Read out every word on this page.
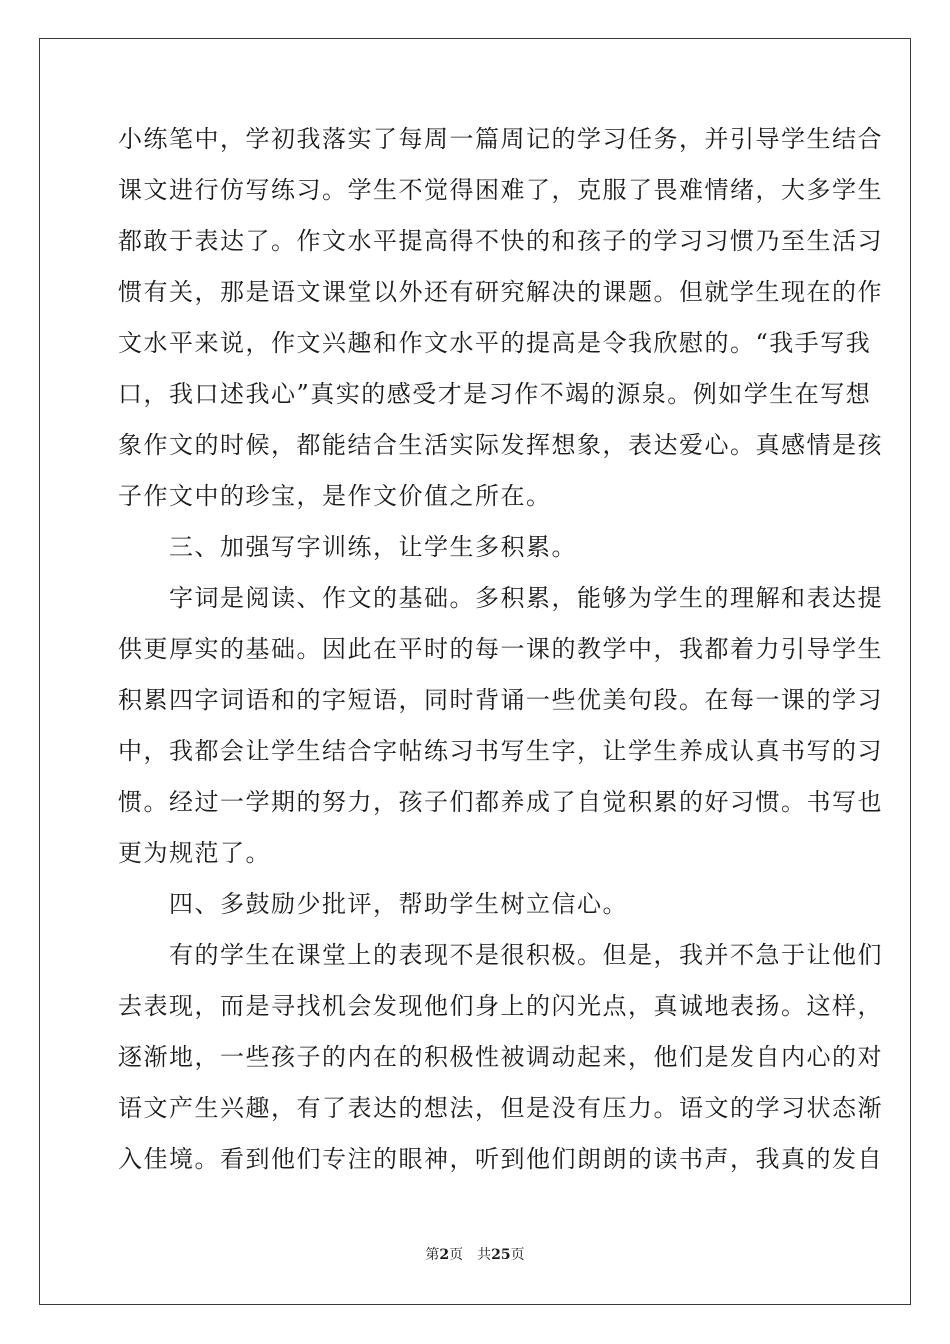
小练笔中，学初我落实了每周一篇周记的学习任务，并引导学生结合
课文进行仿写练习。学生不觉得困难了，克服了畏难情绪，大多学生
都敢于表达了。作文水平提高得不快的和孩子的学习习惯乃至生活习
惯有关，那是语文课堂以外还有研究解决的课题。但就学生现在的作
文水平来说，作文兴趣和作文水平的提高是令我欣慰的。“我手写我
口，我口述我心”真实的感受才是习作不竭的源泉。例如学生在写想
象作文的时候，都能结合生活实际发挥想象，表达爱心。真感情是孩
子作文中的珍宝，是作文价值之所在。
　　三、加强写字训练，让学生多积累。
　　字词是阅读、作文的基础。多积累，能够为学生的理解和表达提
供更厚实的基础。因此在平时的每一课的教学中，我都着力引导学生
积累四字词语和的字短语，同时背诵一些优美句段。在每一课的学习
中，我都会让学生结合字帖练习书写生字，让学生养成认真书写的习
惯。经过一学期的努力，孩子们都养成了自觉积累的好习惯。书写也
更为规范了。
　　四、多鼓励少批评，帮助学生树立信心。
　　有的学生在课堂上的表现不是很积极。但是，我并不急于让他们
去表现，而是寻找机会发现他们身上的闪光点，真诚地表扬。这样，
逐渐地，一些孩子的内在的积极性被调动起来，他们是发自内心的对
语文产生兴趣，有了表达的想法，但是没有压力。语文的学习状态渐
入佳境。看到他们专注的眼神，听到他们朗朗的读书声，我真的发自
第2页　共25页
